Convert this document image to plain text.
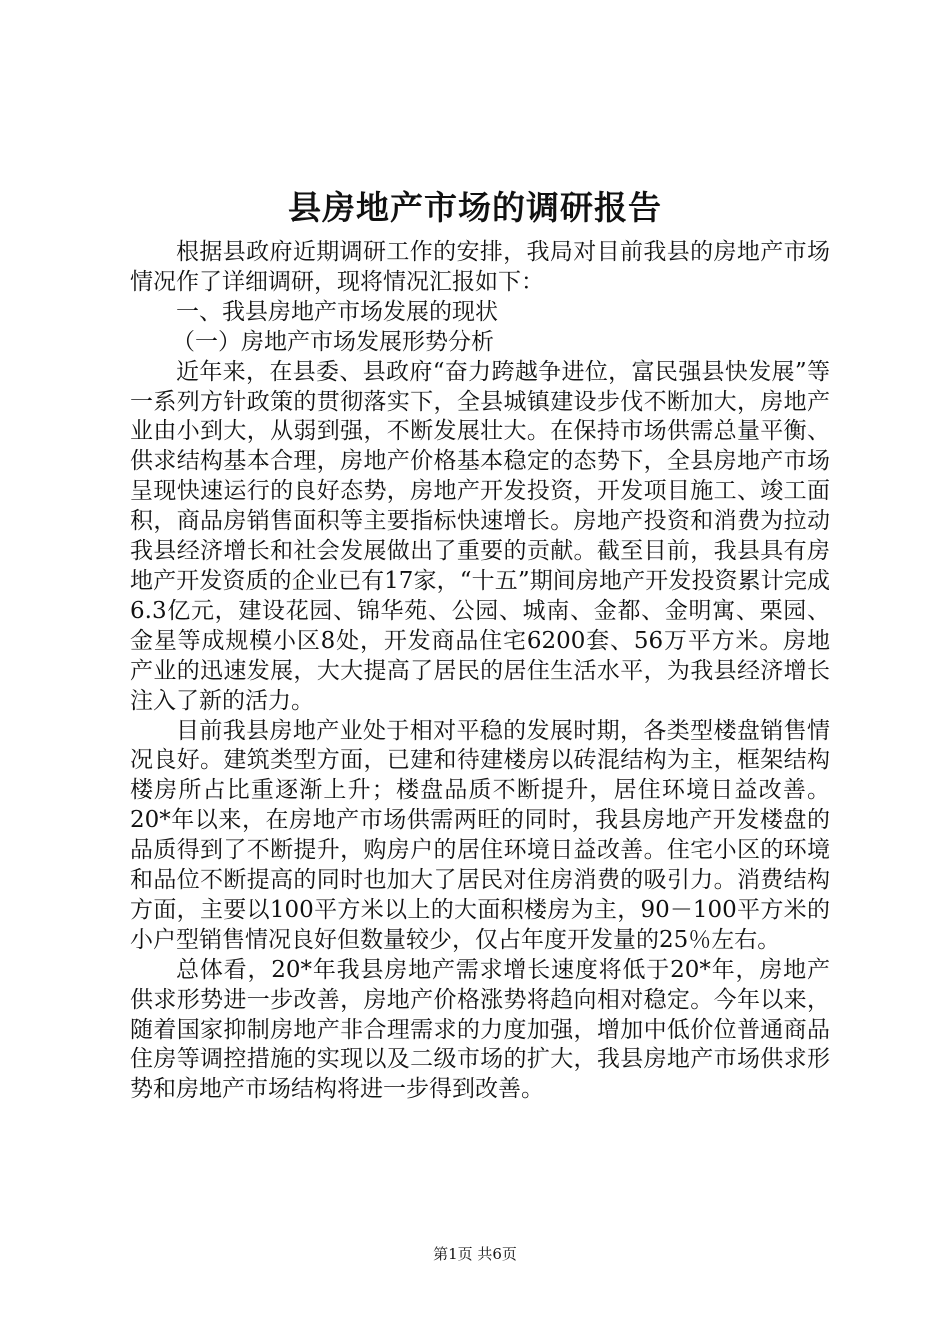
县房地产市场的调研报告

根据县政府近期调研工作的安排，我局对目前我县的房地产市场情况作了详细调研，现将情况汇报如下：

一、我县房地产市场发展的现状

（一）房地产市场发展形势分析

近年来，在县委、县政府“奋力跨越争进位，富民强县快发展”等一系列方针政策的贯彻落实下，全县城镇建设步伐不断加大，房地产业由小到大，从弱到强，不断发展壮大。在保持市场供需总量平衡、供求结构基本合理，房地产价格基本稳定的态势下，全县房地产市场呈现快速运行的良好态势，房地产开发投资，开发项目施工、竣工面积，商品房销售面积等主要指标快速增长。房地产投资和消费为拉动我县经济增长和社会发展做出了重要的贡献。截至目前，我县具有房地产开发资质的企业已有17家，“十五”期间房地产开发投资累计完成6.3亿元，建设花园、锦华苑、公园、城南、金都、金明寓、栗园、金星等成规模小区8处，开发商品住宅6200套、56万平方米。房地产业的迅速发展，大大提高了居民的居住生活水平，为我县经济增长注入了新的活力。

目前我县房地产业处于相对平稳的发展时期，各类型楼盘销售情况良好。建筑类型方面，已建和待建楼房以砖混结构为主，框架结构楼房所占比重逐渐上升；楼盘品质不断提升，居住环境日益改善。20*年以来，在房地产市场供需两旺的同时，我县房地产开发楼盘的品质得到了不断提升，购房户的居住环境日益改善。住宅小区的环境和品位不断提高的同时也加大了居民对住房消费的吸引力。消费结构方面，主要以100平方米以上的大面积楼房为主，90－100平方米的小户型销售情况良好但数量较少，仅占年度开发量的25％左右。

总体看，20*年我县房地产需求增长速度将低于20*年，房地产供求形势进一步改善，房地产价格涨势将趋向相对稳定。今年以来，随着国家抑制房地产非合理需求的力度加强，增加中低价位普通商品住房等调控措施的实现以及二级市场的扩大，我县房地产市场供求形势和房地产市场结构将进一步得到改善。

第1页 共6页
